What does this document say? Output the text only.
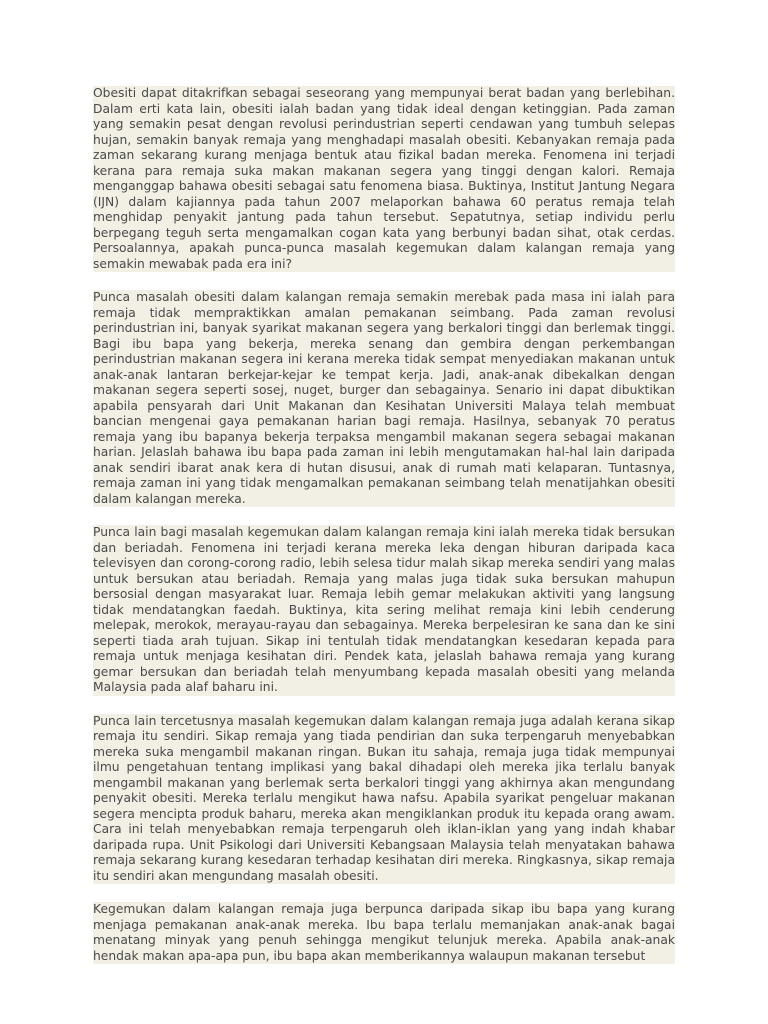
Obesiti dapat ditakrifkan sebagai seseorang yang mempunyai berat badan yang berlebihan. Dalam erti kata lain, obesiti ialah badan yang tidak ideal dengan ketinggian. Pada zaman yang semakin pesat dengan revolusi perindustrian seperti cendawan yang tumbuh selepas hujan, semakin banyak remaja yang menghadapi masalah obesiti. Kebanyakan remaja pada zaman sekarang kurang menjaga bentuk atau fizikal badan mereka. Fenomena ini terjadi kerana para remaja suka makan makanan segera yang tinggi dengan kalori. Remaja menganggap bahawa obesiti sebagai satu fenomena biasa. Buktinya, Institut Jantung Negara (IJN) dalam kajiannya pada tahun 2007 melaporkan bahawa 60 peratus remaja telah menghidap penyakit jantung pada tahun tersebut. Sepatutnya, setiap individu perlu berpegang teguh serta mengamalkan cogan kata yang berbunyi badan sihat, otak cerdas. Persoalannya, apakah punca-punca masalah kegemukan dalam kalangan remaja yang semakin mewabak pada era ini?

Punca masalah obesiti dalam kalangan remaja semakin merebak pada masa ini ialah para remaja tidak mempraktikkan amalan pemakanan seimbang. Pada zaman revolusi perindustrian ini, banyak syarikat makanan segera yang berkalori tinggi dan berlemak tinggi. Bagi ibu bapa yang bekerja, mereka senang dan gembira dengan perkembangan perindustrian makanan segera ini kerana mereka tidak sempat menyediakan makanan untuk anak-anak lantaran berkejar-kejar ke tempat kerja. Jadi, anak-anak dibekalkan dengan makanan segera seperti sosej, nuget, burger dan sebagainya. Senario ini dapat dibuktikan apabila pensyarah dari Unit Makanan dan Kesihatan Universiti Malaya telah membuat bancian mengenai gaya pemakanan harian bagi remaja. Hasilnya, sebanyak 70 peratus remaja yang ibu bapanya bekerja terpaksa mengambil makanan segera sebagai makanan harian. Jelaslah bahawa ibu bapa pada zaman ini lebih mengutamakan hal-hal lain daripada anak sendiri ibarat anak kera di hutan disusui, anak di rumah mati kelaparan. Tuntasnya, remaja zaman ini yang tidak mengamalkan pemakanan seimbang telah menatijahkan obesiti dalam kalangan mereka.

Punca lain bagi masalah kegemukan dalam kalangan remaja kini ialah mereka tidak bersukan dan beriadah. Fenomena ini terjadi kerana mereka leka dengan hiburan daripada kaca televisyen dan corong-corong radio, lebih selesa tidur malah sikap mereka sendiri yang malas untuk bersukan atau beriadah. Remaja yang malas juga tidak suka bersukan mahupun bersosial dengan masyarakat luar. Remaja lebih gemar melakukan aktiviti yang langsung tidak mendatangkan faedah. Buktinya, kita sering melihat remaja kini lebih cenderung melepak, merokok, merayau-rayau dan sebagainya. Mereka berpelesiran ke sana dan ke sini seperti tiada arah tujuan. Sikap ini tentulah tidak mendatangkan kesedaran kepada para remaja untuk menjaga kesihatan diri. Pendek kata, jelaslah bahawa remaja yang kurang gemar bersukan dan beriadah telah menyumbang kepada masalah obesiti yang melanda Malaysia pada alaf baharu ini.

Punca lain tercetusnya masalah kegemukan dalam kalangan remaja juga adalah kerana sikap remaja itu sendiri. Sikap remaja yang tiada pendirian dan suka terpengaruh menyebabkan mereka suka mengambil makanan ringan. Bukan itu sahaja, remaja juga tidak mempunyai ilmu pengetahuan tentang implikasi yang bakal dihadapi oleh mereka jika terlalu banyak mengambil makanan yang berlemak serta berkalori tinggi yang akhirnya akan mengundang penyakit obesiti. Mereka terlalu mengikut hawa nafsu. Apabila syarikat pengeluar makanan segera mencipta produk baharu, mereka akan mengiklankan produk itu kepada orang awam. Cara ini telah menyebabkan remaja terpengaruh oleh iklan-iklan yang yang indah khabar daripada rupa. Unit Psikologi dari Universiti Kebangsaan Malaysia telah menyatakan bahawa remaja sekarang kurang kesedaran terhadap kesihatan diri mereka. Ringkasnya, sikap remaja itu sendiri akan mengundang masalah obesiti.

Kegemukan dalam kalangan remaja juga berpunca daripada sikap ibu bapa yang kurang menjaga pemakanan anak-anak mereka. Ibu bapa terlalu memanjakan anak-anak bagai menatang minyak yang penuh sehingga mengikut telunjuk mereka. Apabila anak-anak hendak makan apa-apa pun, ibu bapa akan memberikannya walaupun makanan tersebut
